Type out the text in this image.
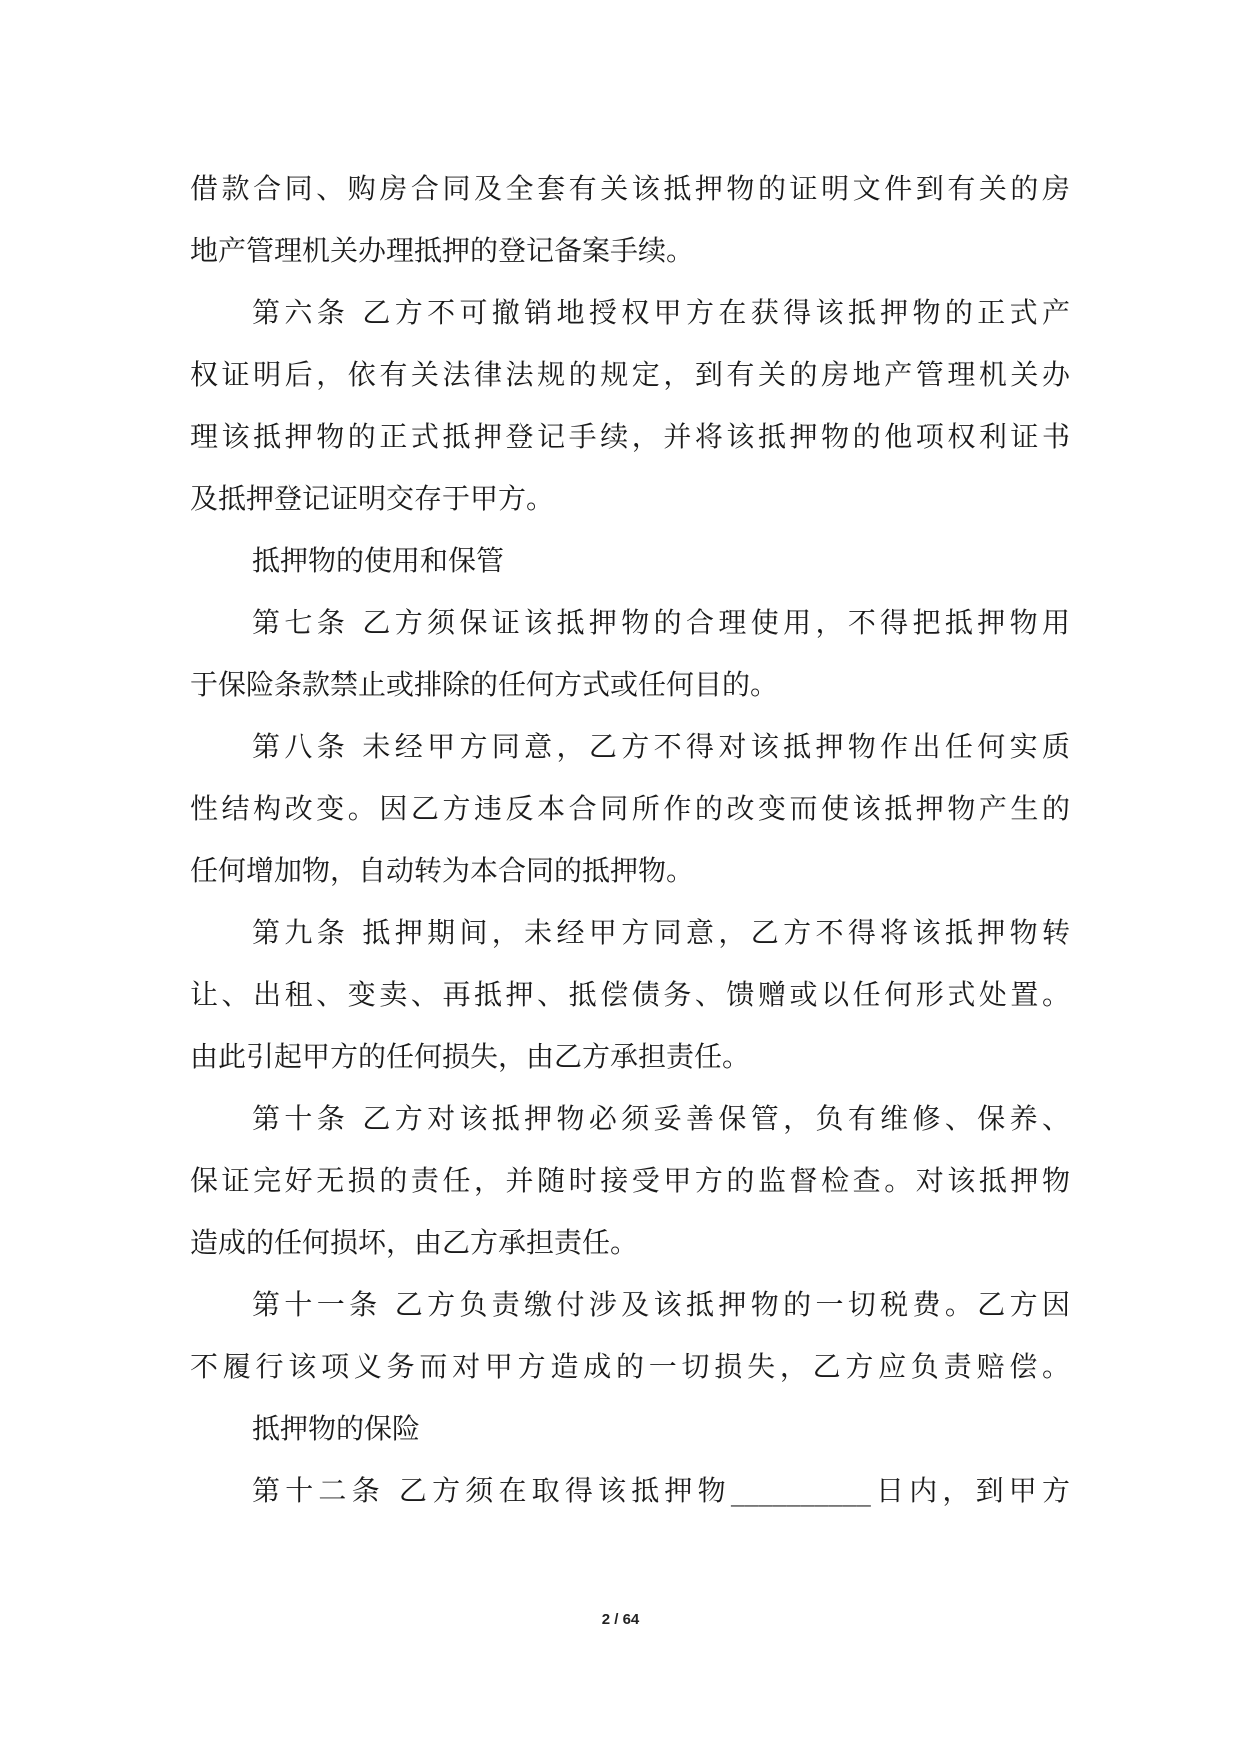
借款合同、购房合同及全套有关该抵押物的证明文件到有关的房
地产管理机关办理抵押的登记备案手续。
第六条 乙方不可撤销地授权甲方在获得该抵押物的正式产
权证明后，依有关法律法规的规定，到有关的房地产管理机关办
理该抵押物的正式抵押登记手续，并将该抵押物的他项权利证书
及抵押登记证明交存于甲方。
抵押物的使用和保管
第七条 乙方须保证该抵押物的合理使用，不得把抵押物用
于保险条款禁止或排除的任何方式或任何目的。
第八条 未经甲方同意，乙方不得对该抵押物作出任何实质
性结构改变。因乙方违反本合同所作的改变而使该抵押物产生的
任何增加物，自动转为本合同的抵押物。
第九条 抵押期间，未经甲方同意，乙方不得将该抵押物转
让、出租、变卖、再抵押、抵偿债务、馈赠或以任何形式处置。
由此引起甲方的任何损失，由乙方承担责任。
第十条 乙方对该抵押物必须妥善保管，负有维修、保养、
保证完好无损的责任，并随时接受甲方的监督检查。对该抵押物
造成的任何损坏，由乙方承担责任。
第十一条 乙方负责缴付涉及该抵押物的一切税费。乙方因
不履行该项义务而对甲方造成的一切损失，乙方应负责赔偿。
抵押物的保险
第十二条 乙方须在取得该抵押物__________日内，到甲方
2 / 64
